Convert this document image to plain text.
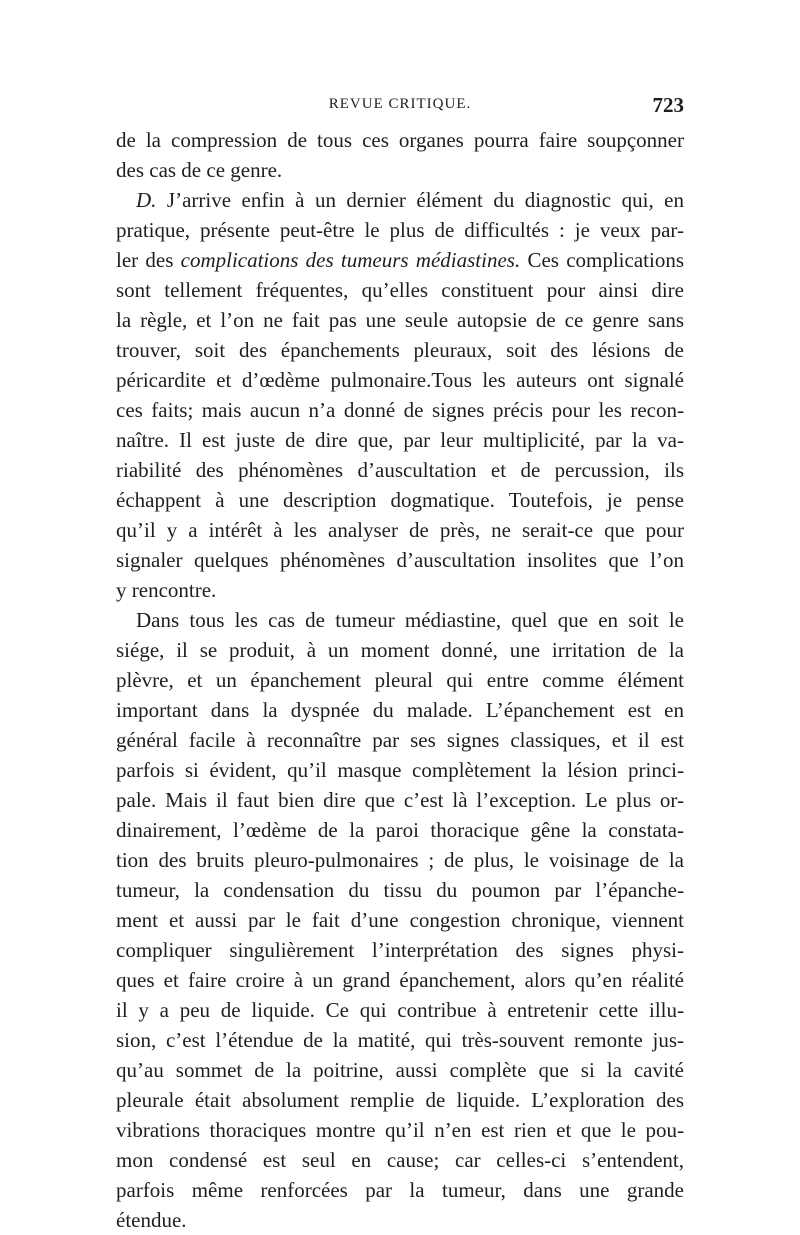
REVUE CRITIQUE.	723
de la compression de tous ces organes pourra faire soupçonner
des cas de ce genre.
D. J’arrive enfin à un dernier élément du diagnostic qui, en
pratique, présente peut-être le plus de difficultés : je veux par-
ler des complications des tumeurs médiastines. Ces complications
sont tellement fréquentes, qu’elles constituent pour ainsi dire
la règle, et l’on ne fait pas une seule autopsie de ce genre sans
trouver, soit des épanchements pleuraux, soit des lésions de
péricardite et d’œdème pulmonaire.Tous les auteurs ont signalé
ces faits; mais aucun n’a donné de signes précis pour les recon-
naître. Il est juste de dire que, par leur multiplicité, par la va-
riabilité des phénomènes d’auscultation et de percussion, ils
échappent à une description dogmatique. Toutefois, je pense
qu’il y a intérêt à les analyser de près, ne serait-ce que pour
signaler quelques phénomènes d’auscultation insolites que l’on
y rencontre.
Dans tous les cas de tumeur médiastine, quel que en soit le
siége, il se produit, à un moment donné, une irritation de la
plèvre, et un épanchement pleural qui entre comme élément
important dans la dyspnée du malade. L’épanchement est en
général facile à reconnaître par ses signes classiques, et il est
parfois si évident, qu’il masque complètement la lésion princi-
pale. Mais il faut bien dire que c’est là l’exception. Le plus or-
dinairement, l’œdème de la paroi thoracique gêne la constata-
tion des bruits pleuro-pulmonaires ; de plus, le voisinage de la
tumeur, la condensation du tissu du poumon par l’épanche-
ment et aussi par le fait d’une congestion chronique, viennent
compliquer singulièrement l’interprétation des signes physi-
ques et faire croire à un grand épanchement, alors qu’en réalité
il y a peu de liquide. Ce qui contribue à entretenir cette illu-
sion, c’est l’étendue de la matité, qui très-souvent remonte jus-
qu’au sommet de la poitrine, aussi complète que si la cavité
pleurale était absolument remplie de liquide. L’exploration des
vibrations thoraciques montre qu’il n’en est rien et que le pou-
mon condensé est seul en cause; car celles-ci s’entendent,
parfois même renforcées par la tumeur, dans une grande
étendue.
